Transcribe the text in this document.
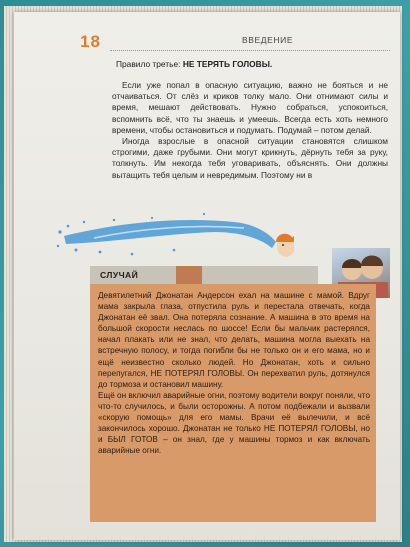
18	ВВЕДЕНИЕ
Правило третье: НЕ ТЕРЯТЬ ГОЛОВЫ.

Если уже попал в опасную ситуацию, важно не бояться и не отчаиваться. От слёз и криков толку мало. Они отнимают силы и время, мешают действовать. Нужно собраться, успокоиться, вспомнить всё, что ты знаешь и умеешь. Всегда есть хоть немного времени, чтобы остановиться и подумать. Подумай – потом делай.

Иногда взрослые в опасной ситуации становятся слишком строгими, даже грубыми. Они могут крикнуть, дёрнуть тебя за руку, толкнуть. Им некогда тебя уговаривать, объяснять. Они должны вытащить тебя целым и невредимым. Поэтому ни в

СЛУЧАЙ

Девятилетний Джонатан Андерсон ехал на машине с мамой. Вдруг мама закрыла глаза, отпустила руль и перестала отвечать, когда Джонатан её звал. Она потеряла сознание. А машина в это время на большой скорости неслась по шоссе! Если бы мальчик растерялся, начал плакать или не знал, что делать, машина могла выехать на встречную полосу, и тогда погибли бы не только он и его мама, но и ещё неизвестно сколько людей. Но Джонатан, хоть и сильно перепугался, НЕ ПОТЕРЯЛ ГОЛОВЫ. Он перехватил руль, дотянулся до тормоза и остановил машину.

Ещё он включил аварийные огни, поэтому водители вокруг поняли, что что-то случилось, и были осторожны. А потом подбежали и вызвали «скорую помощь» для его мамы. Врачи её вылечили, и всё закончилось хорошо. Джонатан не только НЕ ПОТЕРЯЛ ГОЛОВЫ, но и БЫЛ ГОТОВ – он знал, где у машины тормоз и как включать аварийные огни.
